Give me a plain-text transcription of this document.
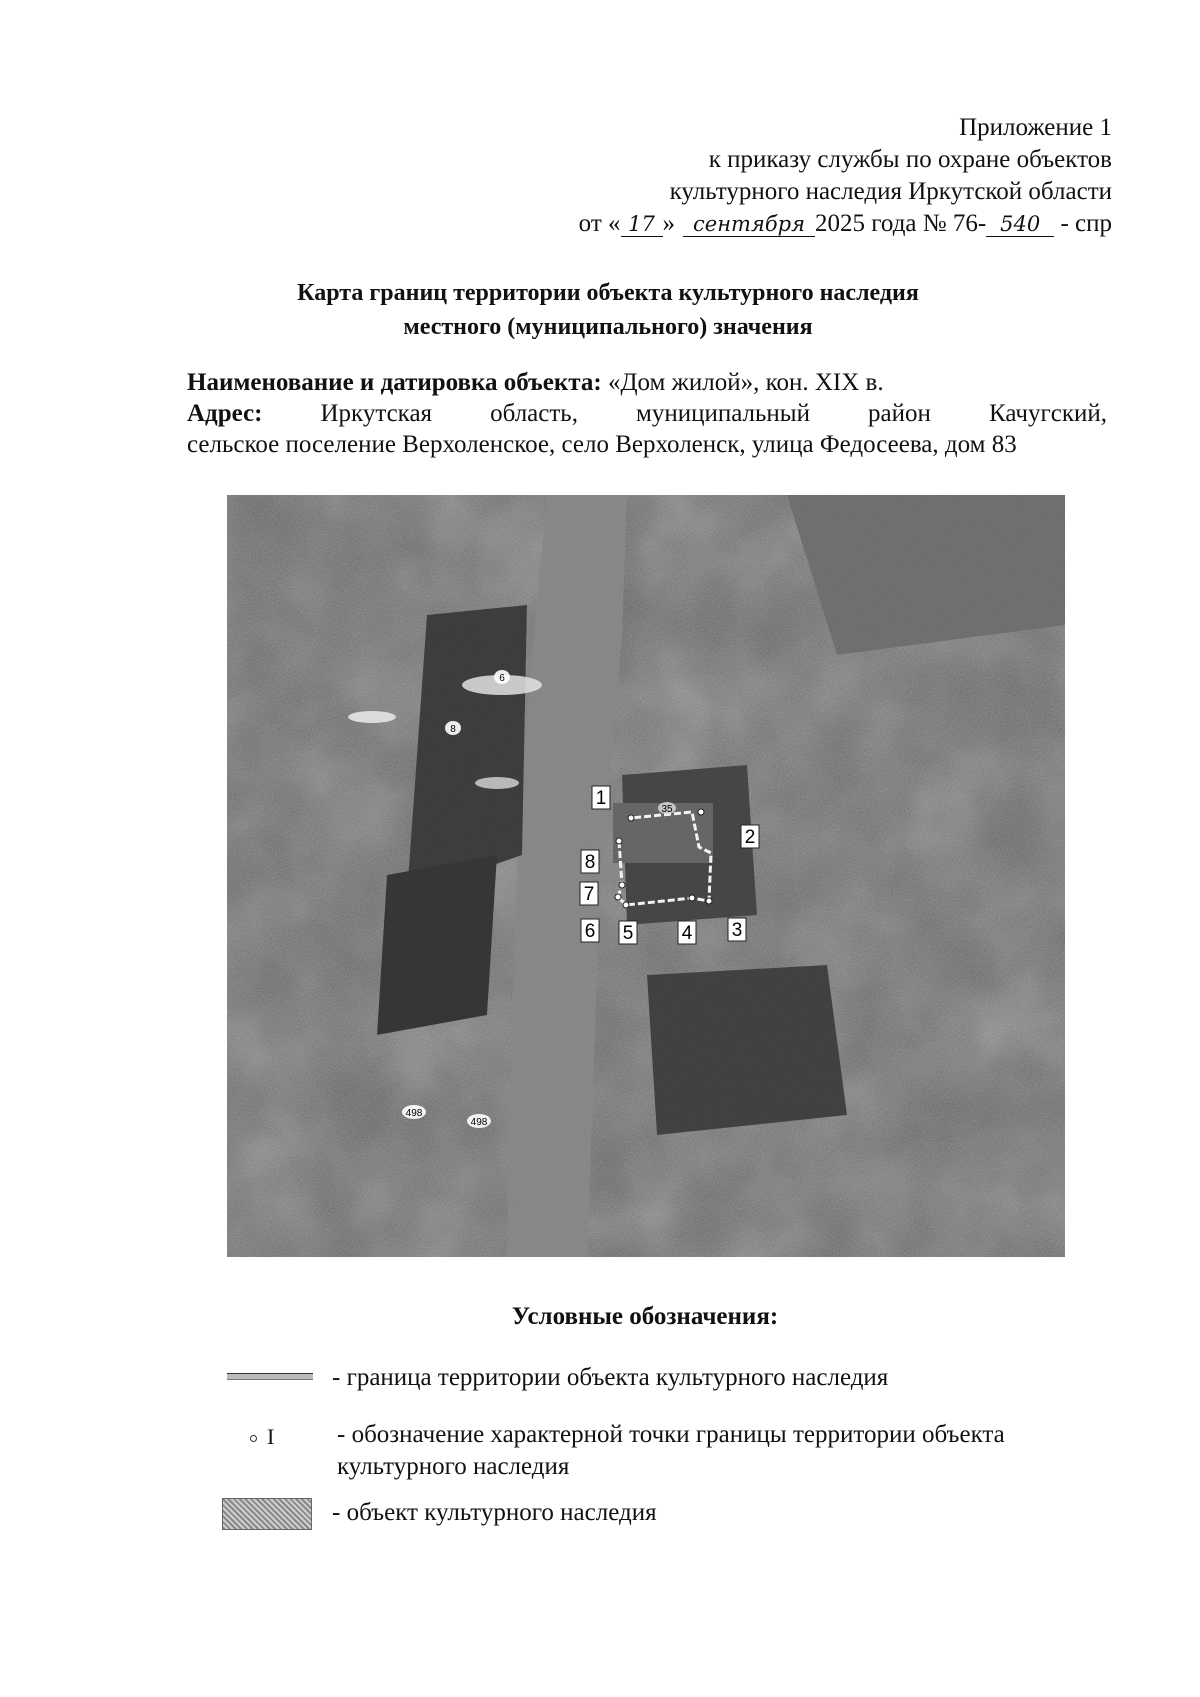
Приложение 1
к приказу службы по охране объектов
культурного наследия Иркутской области
от « 17 » сентября 2025 года № 76- 540 - спр
Карта границ территории объекта культурного наследия
местного (муниципального) значения
Наименование и датировка объекта: «Дом жилой», кон. XIX в.
Адрес: Иркутская область, муниципальный район Качугский,
сельское поселение Верхоленское, село Верхоленск, улица Федосеева, дом 83
1
2
3
4
5
6
7
8
6
8
35
498
498
Условные обозначения:
- граница территории объекта культурного наследия
I	- обозначение характерной точки границы территории объекта
культурного наследия
- объект культурного наследия
